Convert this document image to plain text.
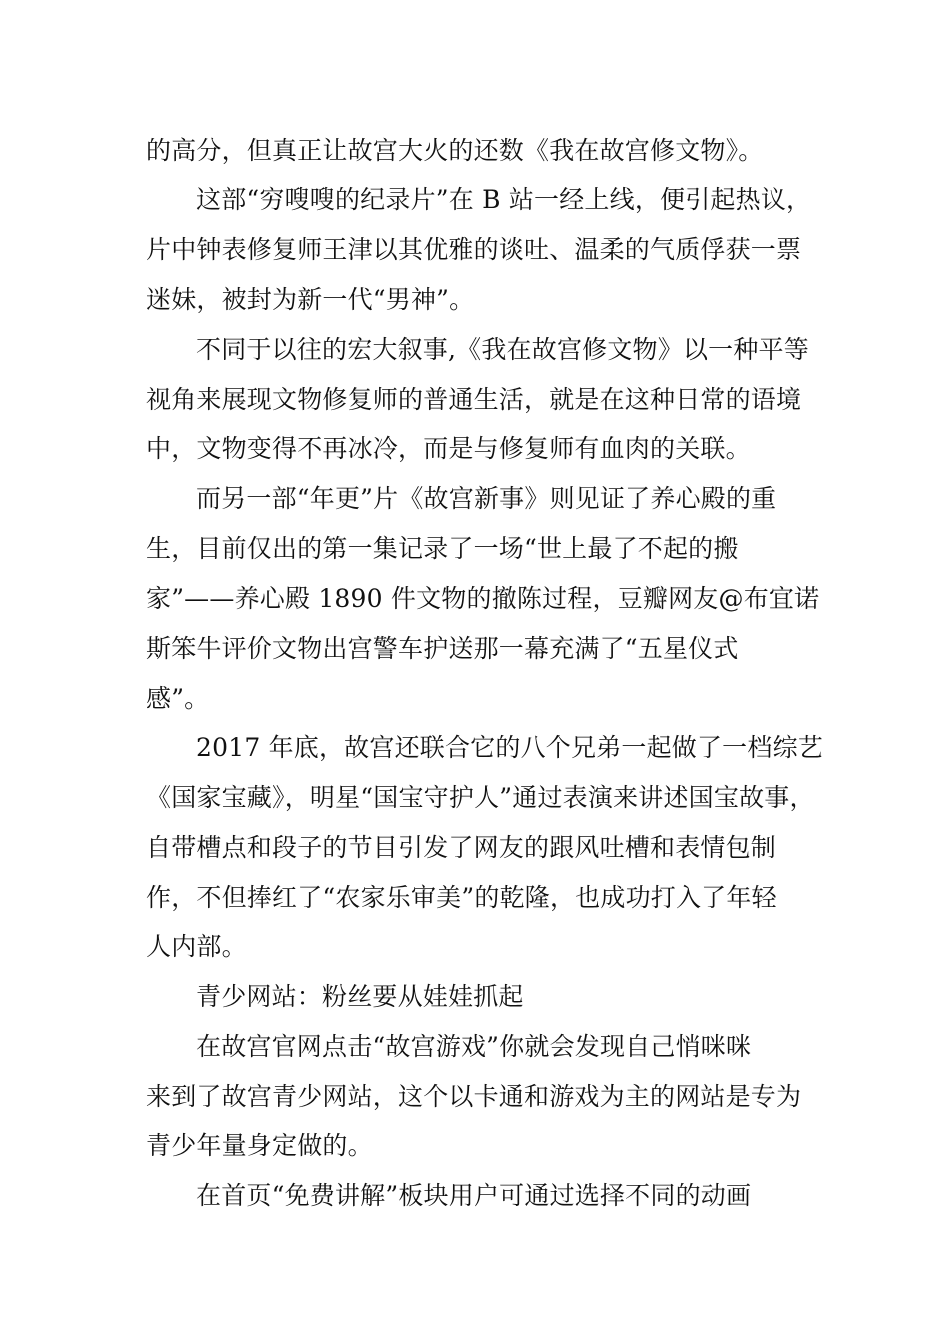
的高分，但真正让故宫大火的还数《我在故宫修文物》。
这部“穷嗖嗖的纪录片”在 B 站一经上线，便引起热议，
片中钟表修复师王津以其优雅的谈吐、温柔的气质俘获一票
迷妹，被封为新一代“男神”。
不同于以往的宏大叙事,《我在故宫修文物》以一种平等
视角来展现文物修复师的普通生活，就是在这种日常的语境
中，文物变得不再冰冷，而是与修复师有血肉的关联。
而另一部“年更”片《故宫新事》则见证了养心殿的重
生，目前仅出的第一集记录了一场“世上最了不起的搬
家”——养心殿 1890 件文物的撤陈过程，豆瓣网友@布宜诺
斯笨牛评价文物出宫警车护送那一幕充满了“五星仪式
感”。
2017 年底，故宫还联合它的八个兄弟一起做了一档综艺
《国家宝藏》，明星“国宝守护人”通过表演来讲述国宝故事，
自带槽点和段子的节目引发了网友的跟风吐槽和表情包制
作，不但捧红了“农家乐审美”的乾隆，也成功打入了年轻
人内部。
青少网站：粉丝要从娃娃抓起
在故宫官网点击“故宫游戏”你就会发现自己悄咪咪
来到了故宫青少网站，这个以卡通和游戏为主的网站是专为
青少年量身定做的。
在首页“免费讲解”板块用户可通过选择不同的动画
